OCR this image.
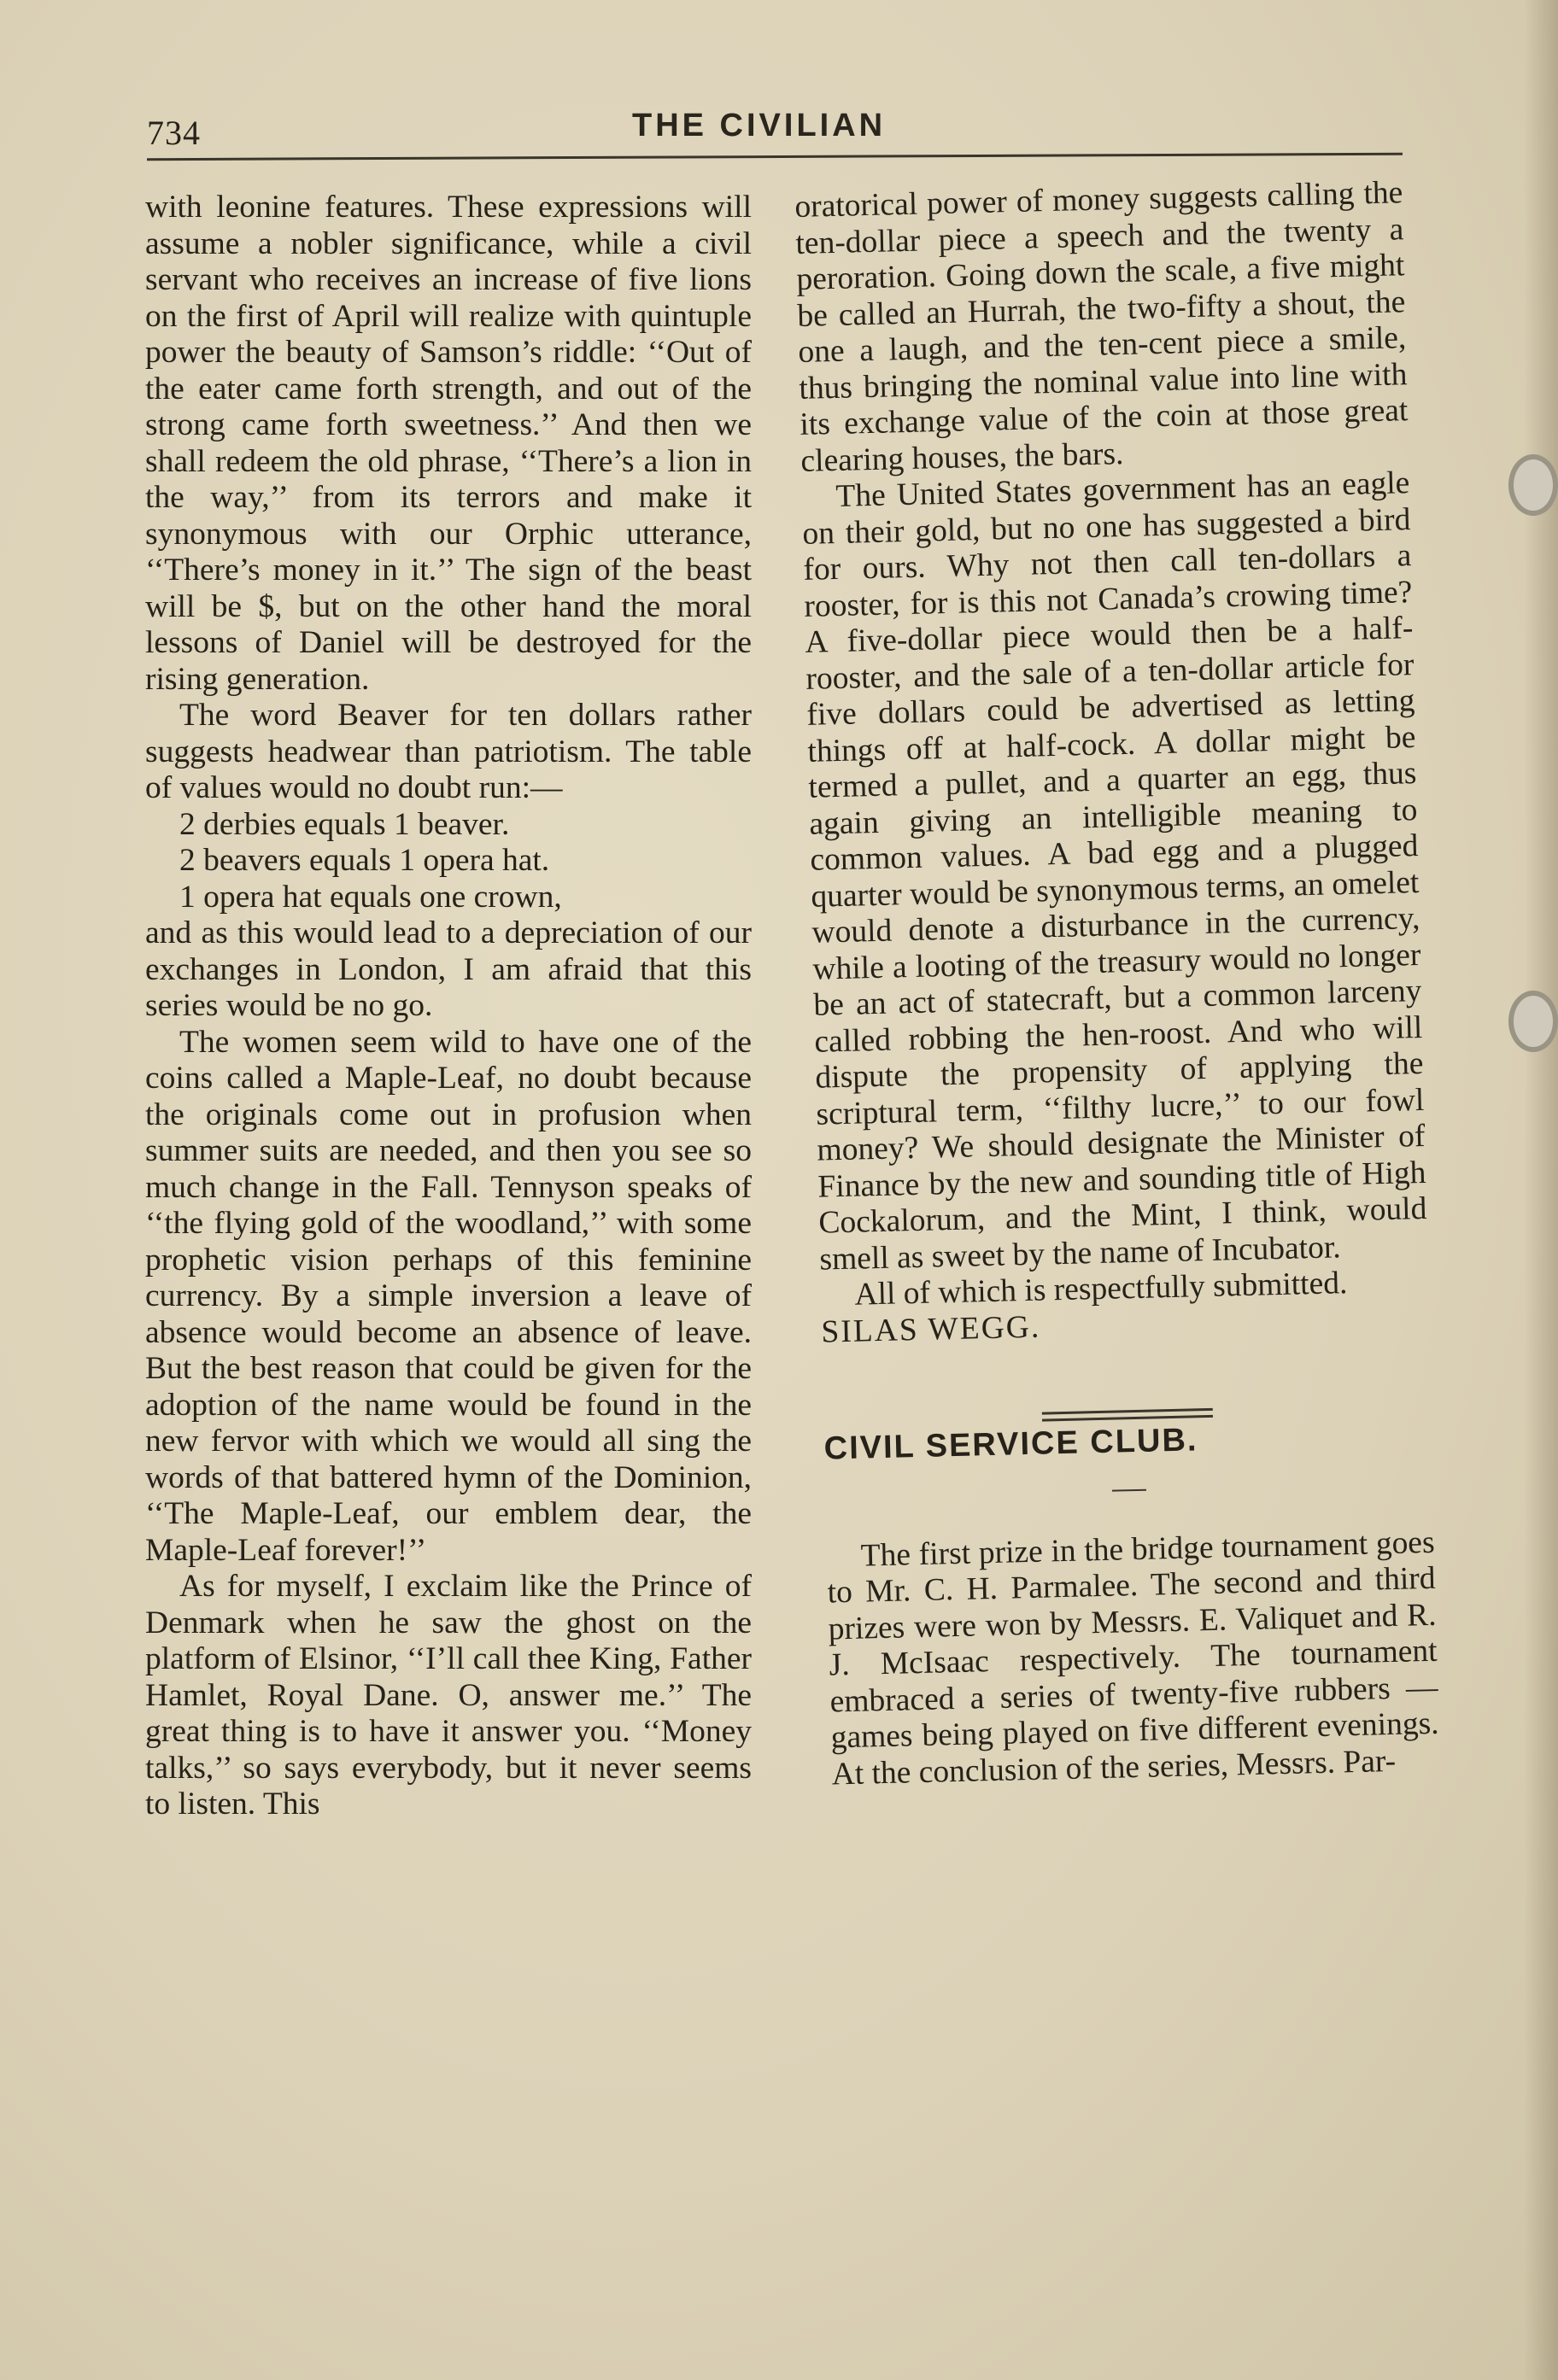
734	THE CIVILIAN

with leonine features. These expressions will assume a nobler significance, while a civil servant who receives an increase of five lions on the first of April will realize with quintuple power the beauty of Samson’s riddle: ‘‘Out of the eater came forth strength, and out of the strong came forth sweetness.’’ And then we shall redeem the old phrase, ‘‘There’s a lion in the way,’’ from its terrors and make it synonymous with our Orphic utterance, ‘‘There’s money in it.’’ The sign of the beast will be $, but on the other hand the moral lessons of Daniel will be destroyed for the rising generation.

The word Beaver for ten dollars rather suggests headwear than patriotism. The table of values would no doubt run:—

2 derbies equals 1 beaver.

2 beavers equals 1 opera hat.

1 opera hat equals one crown,

and as this would lead to a depreciation of our exchanges in London, I am afraid that this series would be no go.

The women seem wild to have one of the coins called a Maple-Leaf, no doubt because the originals come out in profusion when summer suits are needed, and then you see so much change in the Fall. Tennyson speaks of ‘‘the flying gold of the woodland,’’ with some prophetic vision perhaps of this feminine currency. By a simple inversion a leave of absence would become an absence of leave. But the best reason that could be given for the adoption of the name would be found in the new fervor with which we would all sing the words of that battered hymn of the Dominion, ‘‘The Maple-Leaf, our emblem dear, the Maple-Leaf forever!’’

As for myself, I exclaim like the Prince of Denmark when he saw the ghost on the platform of Elsinor, ‘‘I’ll call thee King, Father Hamlet, Royal Dane. O, answer me.’’ The great thing is to have it answer you. ‘‘Money talks,’’ so says everybody, but it never seems to listen. This

oratorical power of money suggests calling the ten-dollar piece a speech and the twenty a peroration. Going down the scale, a five might be called an Hurrah, the two-fifty a shout, the one a laugh, and the ten-cent piece a smile, thus bringing the nominal value into line with its exchange value of the coin at those great clearing houses, the bars.

The United States government has an eagle on their gold, but no one has suggested a bird for ours. Why not then call ten-dollars a rooster, for is this not Canada’s crowing time? A five-dollar piece would then be a half-rooster, and the sale of a ten-dollar article for five dollars could be advertised as letting things off at half-cock. A dollar might be termed a pullet, and a quarter an egg, thus again giving an intelligible meaning to common values. A bad egg and a plugged quarter would be synonymous terms, an omelet would denote a disturbance in the currency, while a looting of the treasury would no longer be an act of statecraft, but a common larceny called robbing the hen-roost. And who will dispute the propensity of applying the scriptural term, ‘‘filthy lucre,’’ to our fowl money? We should designate the Minister of Finance by the new and sounding title of High Cockalorum, and the Mint, I think, would smell as sweet by the name of Incubator.

All of which is respectfully submitted.

SILAS WEGG.

CIVIL SERVICE CLUB.

The first prize in the bridge tournament goes to Mr. C. H. Parmalee. The second and third prizes were won by Messrs. E. Valiquet and R. J. McIsaac respectively. The tournament embraced a series of twenty-five rubbers — games being played on five different evenings. At the conclusion of the series, Messrs. Par-
